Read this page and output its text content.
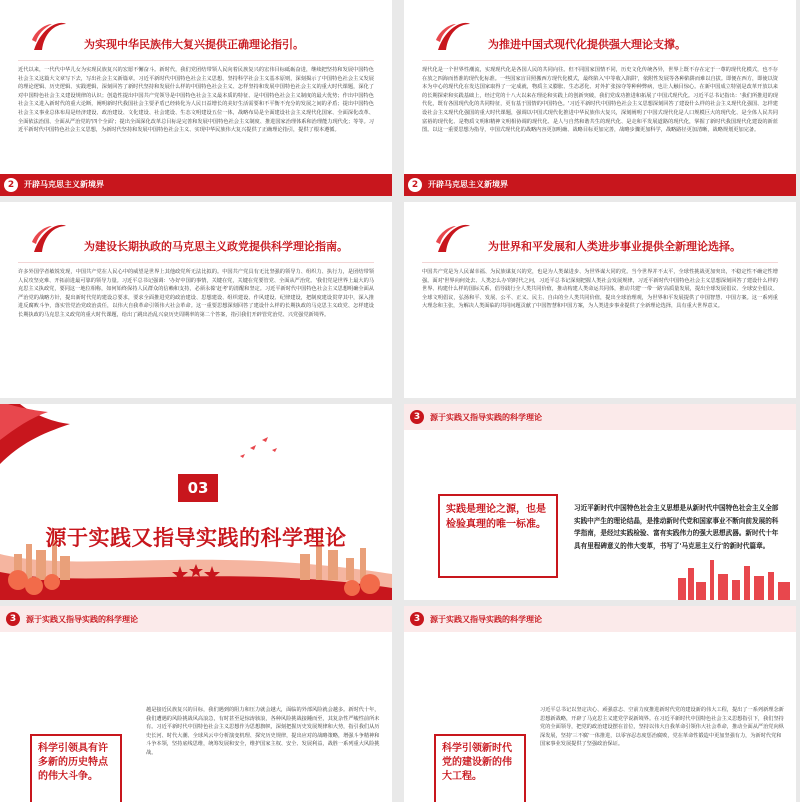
为实现中华民族伟大复兴提供正确理论指引。
近代以来，一代代中华儿女为实现民族复兴的宏愿不懈奋斗。新时代，我们党团结带领人民向着民族复兴的宏伟目标砥砺奋进，继续把坚持和发展中国特色社会主义这篇大文章写下去，写出社会主义新篇章。习近平新时代中国特色社会主义思想，坚持科学社会主义基本原则，深刻揭示了中国特色社会主义发展的理论逻辑、历史逻辑、实践逻辑，深刻回答了新时代坚持和发展什么样的中国特色社会主义、怎样坚持和发展中国特色社会主义的重大时代课题，深化了对中国特色社会主义建设规律的认识；创造性提出中国共产党领导是中国特色社会主义最本质的特征、是中国特色社会主义制度的最大优势；作出中国特色社会主义进入新时代的重大论断，阐明新时代我国社会主要矛盾已经转化为人民日益增长的美好生活需要和不平衡不充分的发展之间的矛盾；提出中国特色社会主义事业总体布局是经济建设、政治建设、文化建设、社会建设、生态文明建设五位一体，战略布局是全面建设社会主义现代化国家、全面深化改革、全面依法治国、全面从严治党的'四个全面'；提出全面深化改革总目标是完善和发展中国特色社会主义制度、推进国家治理体系和治理能力现代化；等等。习近平新时代中国特色社会主义思想，为新时代坚持和发展中国特色社会主义、实现中华民族伟大复兴提供了正确理论指引，提供了根本遵循。
2	开辟马克思主义新境界
为推进中国式现代化提供强大理论支撑。
现代化是一个世界性潮流，实现现代化是各国人民的共同向往。但不同国家国情不同，历史文化传统各异，世界上既不存在定于一尊的现代化模式，也不存在放之四海而皆准的现代化标准。一些国家盲目照搬西方现代化模式，最终陷入'中等收入陷阱'，依附性发展等各种陷阱而难以自拔。即便在西方，即使以资本为中心的现代化在发达国家取得了一定成就，物质主义膨胀、生态恶化、对外扩张掠夺等种种弊病，也让人触目惊心。在新中国成立特别是改革开放以来的长期探索和实践基础上，经过党的十八大以来在理论和实践上的创新突破，我们党成功推进和拓展了中国式现代化。习近平总书记指出：'我们所推进的现代化，既有各国现代化的共同特征，更有基于国情的中国特色。'习近平新时代中国特色社会主义思想深刻回答了建设什么样的社会主义现代化强国、怎样建设社会主义现代化强国的重大时代课题，强调以中国式现代化推进中华民族伟大复兴，深刻阐明了中国式现代化是人口规模巨大的现代化、是全体人民共同富裕的现代化、是物质文明和精神文明相协调的现代化、是人与自然和谐共生的现代化、是走和平发展道路的现代化，掌握了新时代我国现代化建设的新蓝图。以这一重要思想为指导，中国式现代化的战略内容更加明确、战略目标更加完善，战略步骤更加科学，战略路径更加清晰，战略规划更加完备。
2	开辟马克思主义新境界
为建设长期执政的马克思主义政党提供科学理论指南。
许多外国学者敏锐发现，中国共产党在人民心中的威望是世界上其他政党所无法比拟的。中国共产党具有无比坚强的领导力、组织力、执行力，是团结带领人民攻坚克难、开拓前进最可靠的领导力量。习近平总书记强调：'办好中国的事情，关键在党，关键在党要管党、全面从严治党。'我们党是世界上最大的马克思主义执政党，要同这一地位相称，如何始终保持人民群众的信赖和支持，必须永葆'赶考'的清醒和坚定。习近平新时代中国特色社会主义思想明确全面从严治党的战略方针，提出新时代党的建设总要求，要求全面推进党的政治建设、思想建设、组织建设、作风建设、纪律建设，把制度建设贯穿其中，深入推进反腐败斗争，落实管党治党政治责任，以伟大自我革命引领伟大社会革命。这一重要思想深刻回答了建设什么样的长期执政的马克思主义政党、怎样建设长期执政的马克思主义政党的重大时代课题，给出了跳出治乱兴衰历史周期率的第二个答案，指引我们开辟管党治党、兴党强党新境界。
为世界和平发展和人类进步事业提供全新理论选择。
中国共产党是为人民谋幸福、为民族谋复兴的党，也是为人类谋进步、为世界谋大同的党。当今世界并不太平，全球性挑战更加突出，不稳定性不确定性增强。面对'世界向何处去、人类怎么办'的时代之问，习近平总书记深刻把握人类社会发展规律，习近平新时代中国特色社会主义思想深刻回答了建设什么样的世界、构建什么样的国际关系，倡导践行全人类共同价值，推动构建人类命运共同体，推动共建'一带一路'高质量发展，提出全球发展倡议、全球安全倡议、全球文明倡议，弘扬和平、发展、公平、正义、民主、自由的全人类共同价值，提出全球治理观，为世界和平发展提供了中国智慧、中国方案。这一系列重大理念和主张，为解决人类面临的共同问题贡献了中国智慧和中国方案，为人类进步事业提供了全新理论选择，具有重大世界意义。
03
源于实践又指导实践的科学理论
3	源于实践又指导实践的科学理论
实践是理论之源，也是检验真理的唯一标准。
习近平新时代中国特色社会主义思想是从新时代中国特色社会主义全部实践中产生的理论结晶，是推动新时代党和国家事业不断向前发展的科学指南，是经过实践检验、富有实践伟力的强大思想武器。新时代十年具有里程碑意义的伟大变革，书写了'马克思主义行'的新时代篇章。
3	源于实践又指导实践的科学理论
科学引领具有许多新的历史特点的伟大斗争。
越是接近民族复兴的目标，我们遇到的阻力和压力就会越大，面临的外部风险就会越多。新时代十年，我们遭遇的风险挑战风高浪急，有时甚至是惊涛骇浪，各种风险挑战接踵而至，其复杂性严峻性前所未有。习近平新时代中国特色社会主义思想作为思想旗帜，深刻把握历史发展规律和大势，指引我们从历史长河、时代大潮、全球风云中分析演变机理、探究历史规律，提出应对的战略策略，增强斗争精神和斗争本领，坚持底线思维，统筹发展和安全，维护国家主权、安全、发展利益，战胜一系列重大风险挑战。
3	源于实践又指导实践的科学理论
科学引领新时代党的建设新的伟大工程。
习近平总书记以坚定决心、顽强意志、空前力度推进新时代党的建设新的伟大工程，提出了一系列新理念新思想新战略，开辟了马克思主义建党学说新境界。在习近平新时代中国特色社会主义思想指引下，我们坚持党的全面领导，把党的政治建设摆在首位，坚持以伟大自我革命引领伟大社会革命，推动全面从严治党向纵深发展，坚持'三不腐'一体推进，以零容忍态度惩治腐败，党在革命性锻造中更加坚强有力，为新时代党和国家事业发展提供了坚强政治保证。
